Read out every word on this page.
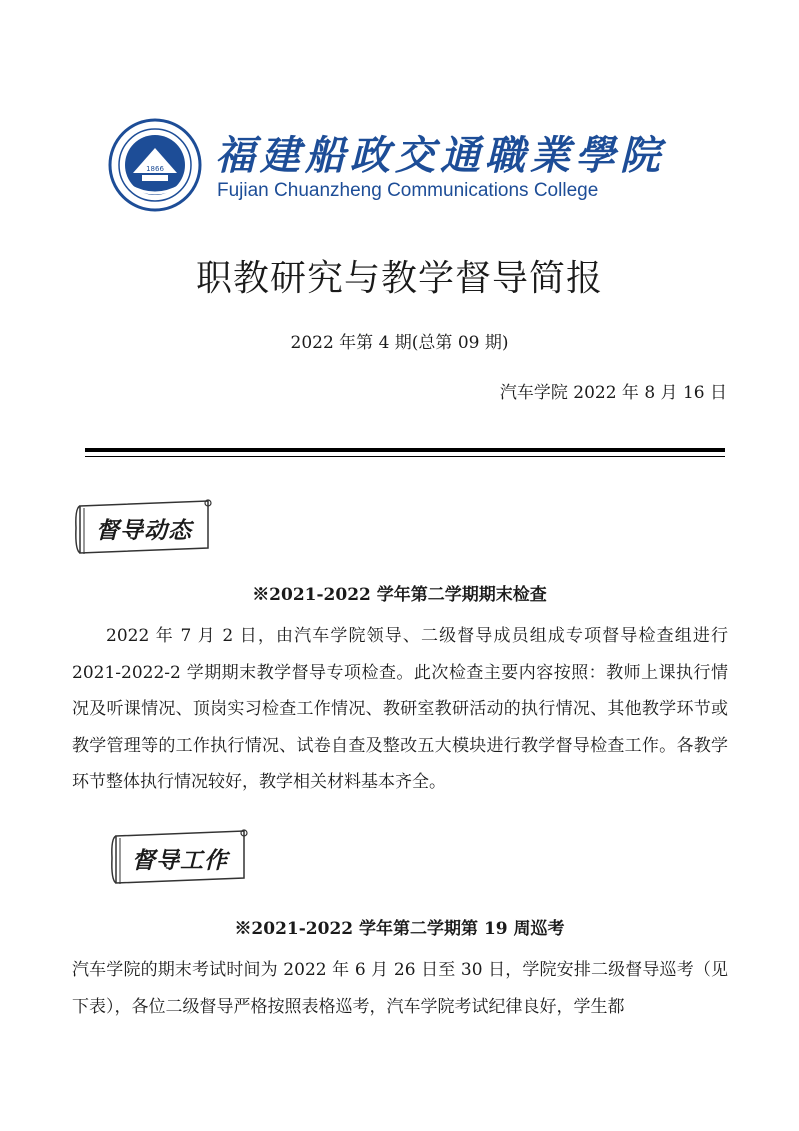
1866 福建船政交通職業學院
Fujian Chuanzheng Communications College
职教研究与教学督导简报
2022 年第 4 期(总第 09 期)
汽车学院 2022 年 8 月 16 日
督导动态
※2021-2022 学年第二学期期末检查

2022 年 7 月 2 日，由汽车学院领导、二级督导成员组成专项督导检查组进行 2021-2022-2 学期期末教学督导专项检查。此次检查主要内容按照：教师上课执行情况及听课情况、顶岗实习检查工作情况、教研室教研活动的执行情况、其他教学环节或教学管理等的工作执行情况、试卷自查及整改五大模块进行教学督导检查工作。各教学环节整体执行情况较好，教学相关材料基本齐全。

督导工作
※2021-2022 学年第二学期第 19 周巡考

汽车学院的期末考试时间为 2022 年 6 月 26 日至 30 日，学院安排二级督导巡考（见下表），各位二级督导严格按照表格巡考，汽车学院考试纪律良好，学生都
